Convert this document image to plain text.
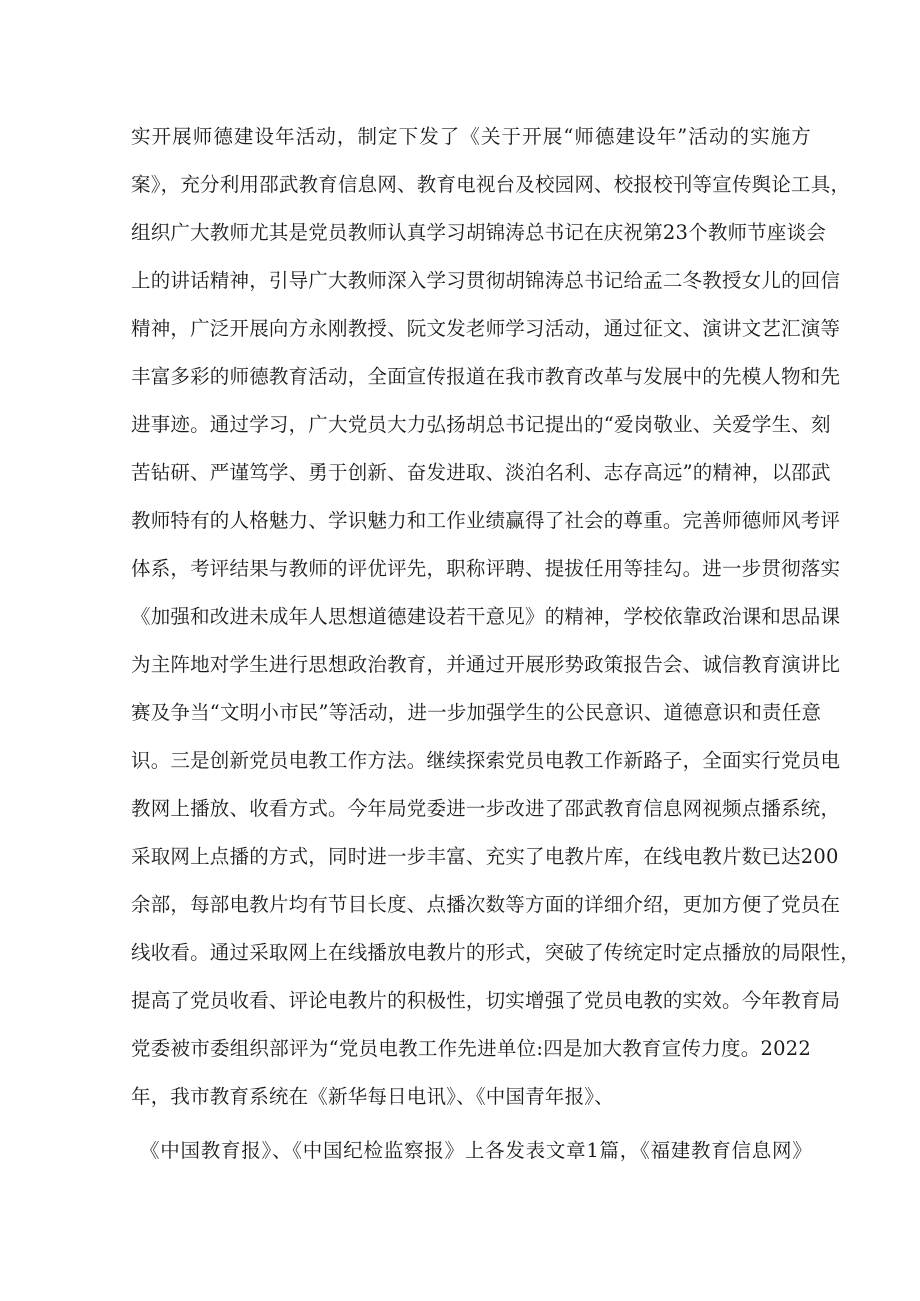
实开展师德建设年活动，制定下发了《关于开展“师德建设年”活动的实施方
案》，充分利用邵武教育信息网、教育电视台及校园网、校报校刊等宣传舆论工具，
组织广大教师尤其是党员教师认真学习胡锦涛总书记在庆祝第23个教师节座谈会
上的讲话精神，引导广大教师深入学习贯彻胡锦涛总书记给孟二冬教授女儿的回信
精神，广泛开展向方永刚教授、阮文发老师学习活动，通过征文、演讲文艺汇演等
丰富多彩的师德教育活动，全面宣传报道在我市教育改革与发展中的先模人物和先
进事迹。通过学习，广大党员大力弘扬胡总书记提出的“爱岗敬业、关爱学生、刻
苦钻研、严谨笃学、勇于创新、奋发进取、淡泊名利、志存高远”的精神，以邵武
教师特有的人格魅力、学识魅力和工作业绩赢得了社会的尊重。完善师德师风考评
体系，考评结果与教师的评优评先，职称评聘、提拔任用等挂勾。进一步贯彻落实
《加强和改进未成年人思想道德建设若干意见》的精神，学校依靠政治课和思品课
为主阵地对学生进行思想政治教育，并通过开展形势政策报告会、诚信教育演讲比
赛及争当“文明小市民”等活动，进一步加强学生的公民意识、道德意识和责任意
识。三是创新党员电教工作方法。继续探索党员电教工作新路子，全面实行党员电
教网上播放、收看方式。今年局党委进一步改进了邵武教育信息网视频点播系统，
采取网上点播的方式，同时进一步丰富、充实了电教片库，在线电教片数已达200
余部，每部电教片均有节目长度、点播次数等方面的详细介绍，更加方便了党员在
线收看。通过采取网上在线播放电教片的形式，突破了传统定时定点播放的局限性，
提高了党员收看、评论电教片的积极性，切实增强了党员电教的实效。今年教育局
党委被市委组织部评为“党员电教工作先进单位:四是加大教育宣传力度。2022
年，我市教育系统在《新华每日电讯》、《中国青年报》、
《中国教育报》、《中国纪检监察报》上各发表文章1篇，《福建教育信息网》
